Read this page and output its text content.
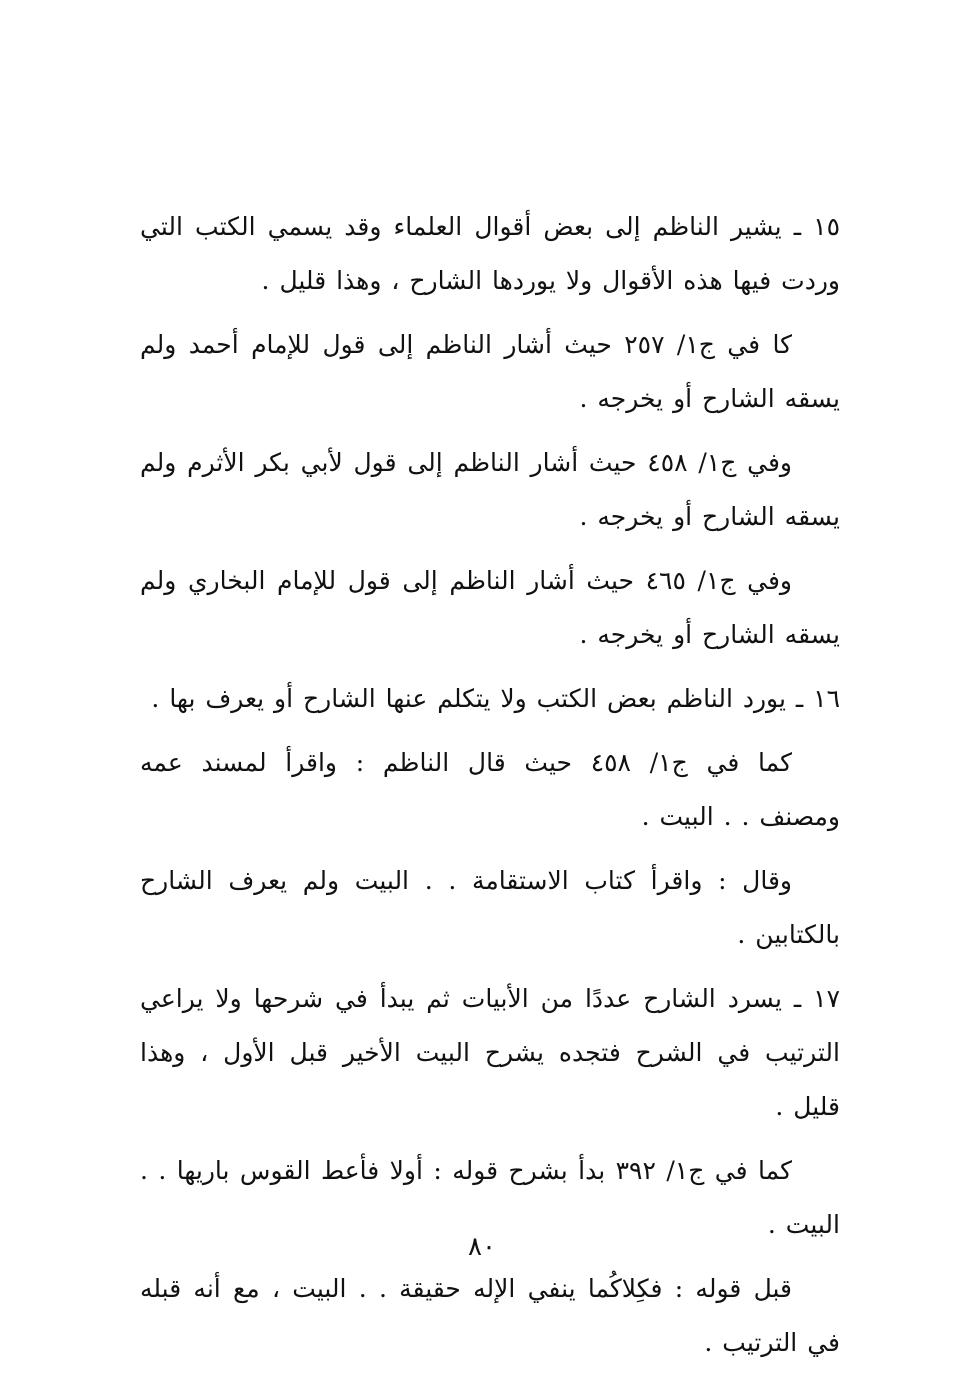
١٥ ـ يشير الناظم إلى بعض أقوال العلماء وقد يسمي الكتب التي وردت فيها هذه الأقوال ولا يوردها الشارح ، وهذا قليل .

كا في ج١/ ٢٥٧ حيث أشار الناظم إلى قول للإمام أحمد ولم يسقه الشارح أو يخرجه .

وفي ج١/ ٤٥٨ حيث أشار الناظم إلى قول لأبي بكر الأثرم ولم يسقه الشارح أو يخرجه .

وفي ج١/ ٤٦٥ حيث أشار الناظم إلى قول للإمام البخاري ولم يسقه الشارح أو يخرجه .

١٦ ـ يورد الناظم بعض الكتب ولا يتكلم عنها الشارح أو يعرف بها .

كما في ج١/ ٤٥٨ حيث قال الناظم : واقرأ لمسند عمه ومصنف . . البيت .

وقال : واقرأ كتاب الاستقامة . . البيت ولم يعرف الشارح بالكتابين .

١٧ ـ يسرد الشارح عددًا من الأبيات ثم يبدأ في شرحها ولا يراعي الترتيب في الشرح فتجده يشرح البيت الأخير قبل الأول ، وهذا قليل .

كما في ج١/ ٣٩٢ بدأ بشرح قوله : أولا فأعط القوس باريها . . البيت .

قبل قوله : فكِلاكُما ينفي الإله حقيقة . . البيت ، مع أنه قبله في الترتيب .

٨٠
